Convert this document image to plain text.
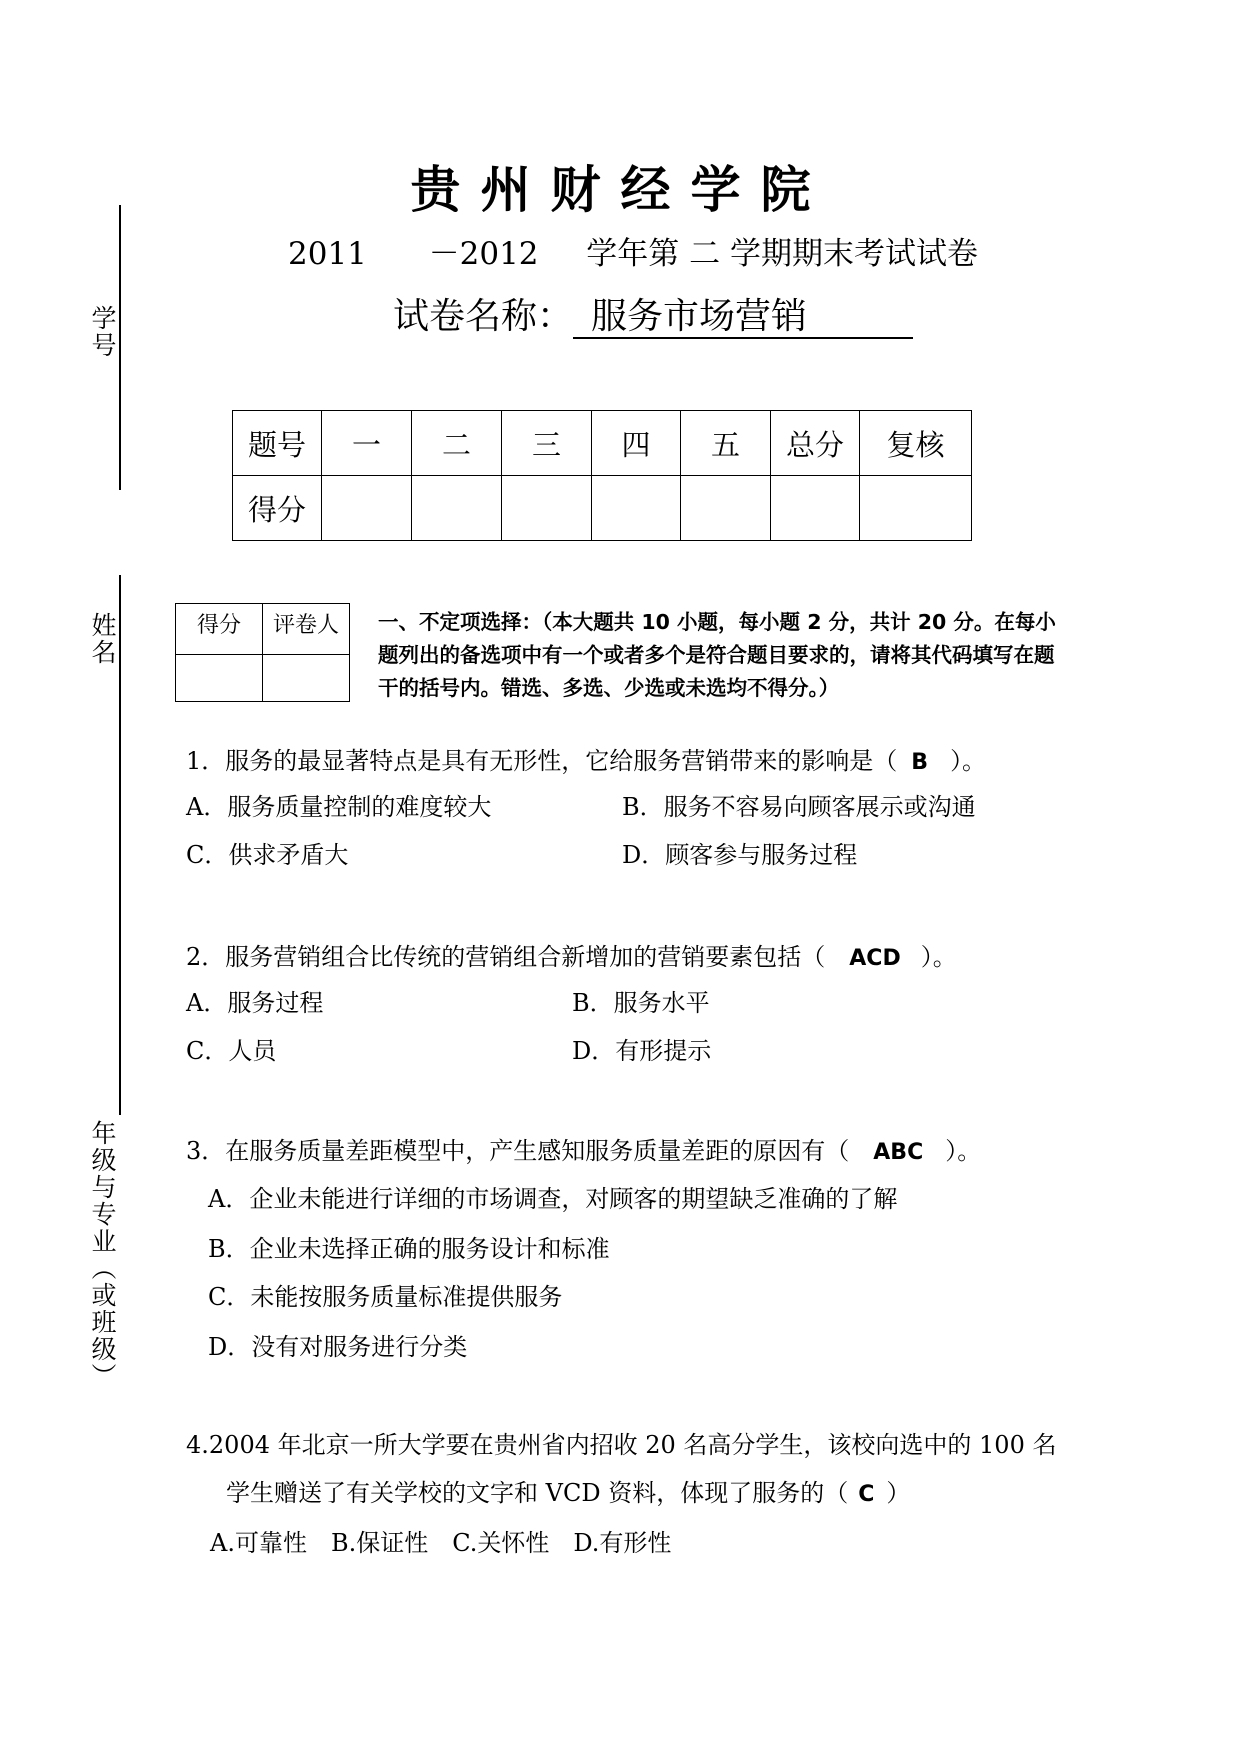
学号
姓名
年级与专业（或班级）
贵州财经学院
2011 －2012 学年第 二 学期期末考试试卷
试卷名称： 服务市场营销
题号	一	二	三	四	五	总分	复核
得分							
得分	评卷人
	一、不定项选择：（本大题共 10 小题，每小题 2 分，共计 20 分。在每小题列出的备选项中有一个或者多个是符合题目要求的，请将其代码填写在题干的括号内。错选、多选、少选或未选均不得分。）
1．服务的最显著特点是具有无形性，它给服务营销带来的影响是（ B ）。
A．服务质量控制的难度较大	B．服务不容易向顾客展示或沟通
C．供求矛盾大	D．顾客参与服务过程
2．服务营销组合比传统的营销组合新增加的营销要素包括（ ACD ）。
A．服务过程	B．服务水平
C．人员	D．有形提示
3．在服务质量差距模型中，产生感知服务质量差距的原因有（ ABC ）。
A．企业未能进行详细的市场调查，对顾客的期望缺乏准确的了解
B．企业未选择正确的服务设计和标准
C．未能按服务质量标准提供服务
D．没有对服务进行分类
4.2004 年北京一所大学要在贵州省内招收 20 名高分学生，该校向选中的 100 名
学生赠送了有关学校的文字和 VCD 资料，体现了服务的（ C ）
A.可靠性　B.保证性　C.关怀性　D.有形性
